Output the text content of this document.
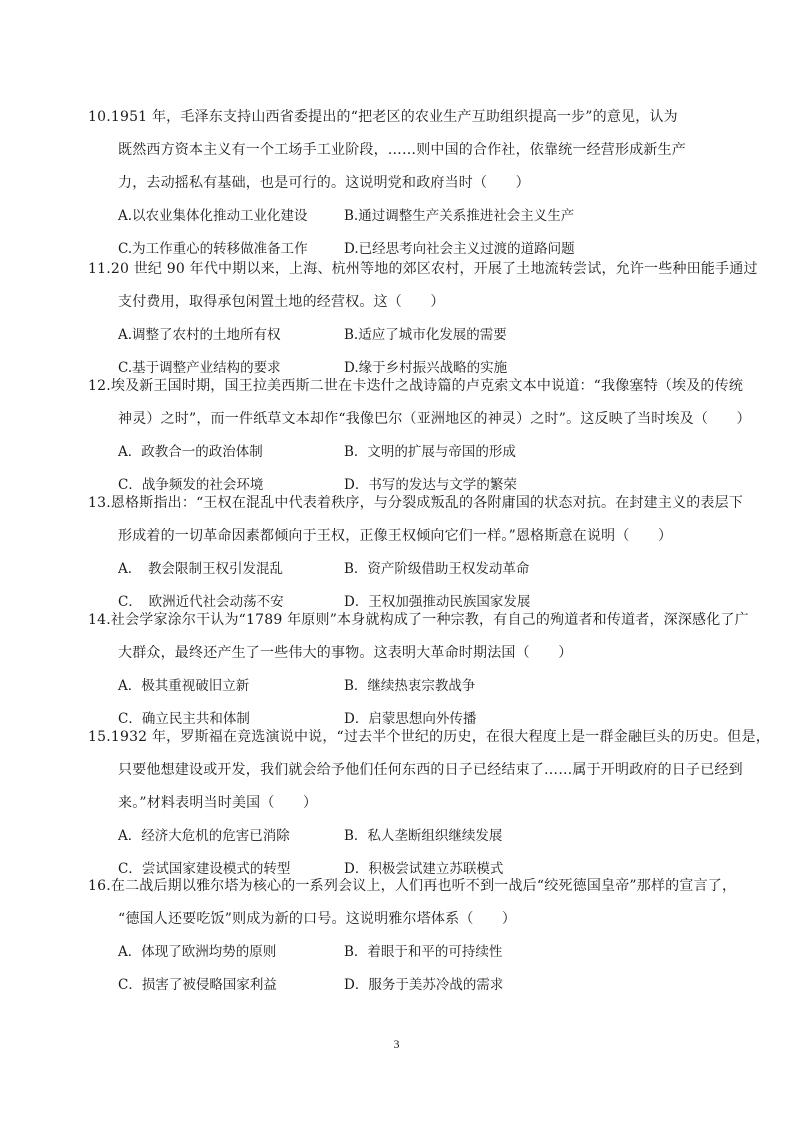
10.1951 年，毛泽东支持山西省委提出的“把老区的农业生产互助组织提高一步”的意见，认为
既然西方资本主义有一个工场手工业阶段，……则中国的合作社，依靠统一经营形成新生产
力，去动摇私有基础，也是可行的。这说明党和政府当时（　　）
A.以农业集体化推动工业化建设	B.通过调整生产关系推进社会主义生产
C.为工作重心的转移做准备工作	D.已经思考向社会主义过渡的道路问题
11.20 世纪 90 年代中期以来，上海、杭州等地的郊区农村，开展了土地流转尝试，允许一些种田能手通过
支付费用，取得承包闲置土地的经营权。这（　　）
A.调整了农村的土地所有权	B.适应了城市化发展的需要
C.基于调整产业结构的要求	D.缘于乡村振兴战略的实施
12.埃及新王国时期，国王拉美西斯二世在卡迭什之战诗篇的卢克索文本中说道：“我像塞特（埃及的传统
神灵）之时”，而一件纸草文本却作“我像巴尔（亚洲地区的神灵）之时”。这反映了当时埃及（　　）
A．政教合一的政治体制	B．文明的扩展与帝国的形成
C．战争频发的社会环境	D．书写的发达与文学的繁荣
13.恩格斯指出：“王权在混乱中代表着秩序，与分裂成叛乱的各附庸国的状态对抗。在封建主义的表层下
形成着的一切革命因素都倾向于王权，正像王权倾向它们一样。”恩格斯意在说明（　　）
A．　教会限制王权引发混乱	B．资产阶级借助王权发动革命
C．　欧洲近代社会动荡不安	D．王权加强推动民族国家发展
14.社会学家涂尔干认为“1789 年原则”本身就构成了一种宗教，有自己的殉道者和传道者，深深感化了广
大群众，最终还产生了一些伟大的事物。这表明大革命时期法国（　　）
A．极其重视破旧立新	B．继续热衷宗教战争
C．确立民主共和体制	D．启蒙思想向外传播
15.1932 年，罗斯福在竞选演说中说，“过去半个世纪的历史，在很大程度上是一群金融巨头的历史。但是，
只要他想建设或开发，我们就会给予他们任何东西的日子已经结束了……属于开明政府的日子已经到
来。”材料表明当时美国（　　）
A．经济大危机的危害已消除	B．私人垄断组织继续发展
C．尝试国家建设模式的转型	D．积极尝试建立苏联模式
16.在二战后期以雅尔塔为核心的一系列会议上，人们再也听不到一战后“绞死德国皇帝”那样的宣言了，
“德国人还要吃饭”则成为新的口号。这说明雅尔塔体系（　　）
A．体现了欧洲均势的原则	B．着眼于和平的可持续性
C．损害了被侵略国家利益	D．服务于美苏冷战的需求
3
